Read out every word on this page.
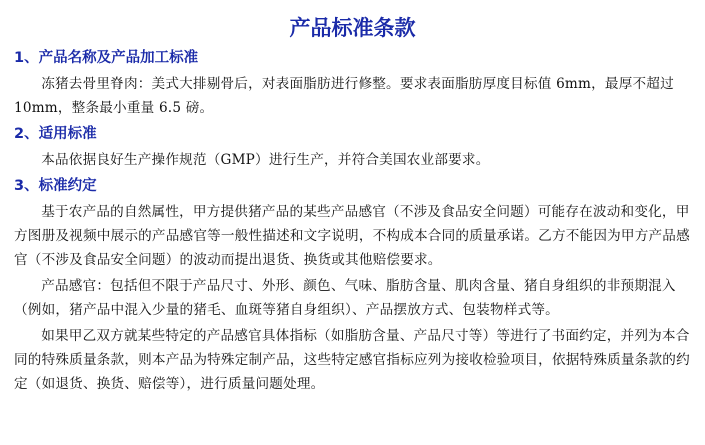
产品标准条款
1、产品名称及产品加工标准

冻猪去骨里脊肉：美式大排剔骨后，对表面脂肪进行修整。要求表面脂肪厚度目标值 6mm，最厚不超过 10mm，整条最小重量 6.5 磅。

2、适用标准

本品依据良好生产操作规范（GMP）进行生产，并符合美国农业部要求。

3、标准约定

基于农产品的自然属性，甲方提供猪产品的某些产品感官（不涉及食品安全问题）可能存在波动和变化，甲方图册及视频中展示的产品感官等一般性描述和文字说明，不构成本合同的质量承诺。乙方不能因为甲方产品感官（不涉及食品安全问题）的波动而提出退货、换货或其他赔偿要求。

产品感官：包括但不限于产品尺寸、外形、颜色、气味、脂肪含量、肌肉含量、猪自身组织的非预期混入（例如，猪产品中混入少量的猪毛、血斑等猪自身组织）、产品摆放方式、包装物样式等。

如果甲乙双方就某些特定的产品感官具体指标（如脂肪含量、产品尺寸等）等进行了书面约定，并列为本合同的特殊质量条款，则本产品为特殊定制产品，这些特定感官指标应列为接收检验项目，依据特殊质量条款的约定（如退货、换货、赔偿等），进行质量问题处理。
